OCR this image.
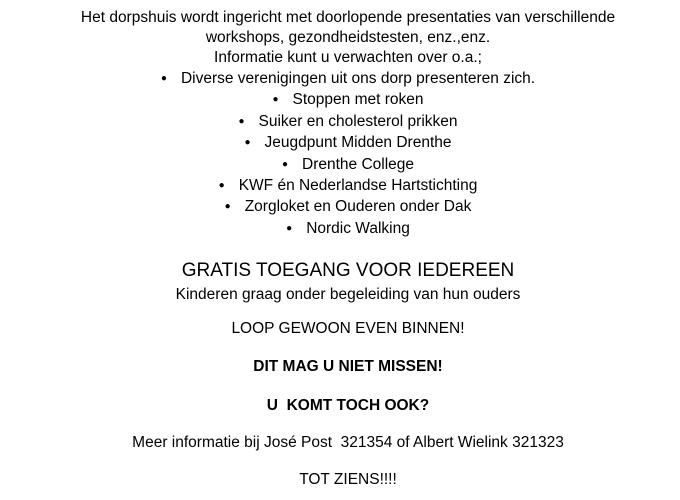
Het dorpshuis wordt ingericht met doorlopende presentaties van verschillende
workshops, gezondheidstesten, enz.,enz.
Informatie kunt u verwachten over o.a.;
● Diverse verenigingen uit ons dorp presenteren zich.
● Stoppen met roken
● Suiker en cholesterol prikken
● Jeugdpunt Midden Drenthe
● Drenthe College
● KWF én Nederlandse Hartstichting
● Zorgloket en Ouderen onder Dak
● Nordic Walking
GRATIS TOEGANG VOOR IEDEREEN
Kinderen graag onder begeleiding van hun ouders
LOOP GEWOON EVEN BINNEN!
DIT MAG U NIET MISSEN!
U  KOMT TOCH OOK?
Meer informatie bij José Post  321354 of Albert Wielink 321323
TOT ZIENS!!!!
